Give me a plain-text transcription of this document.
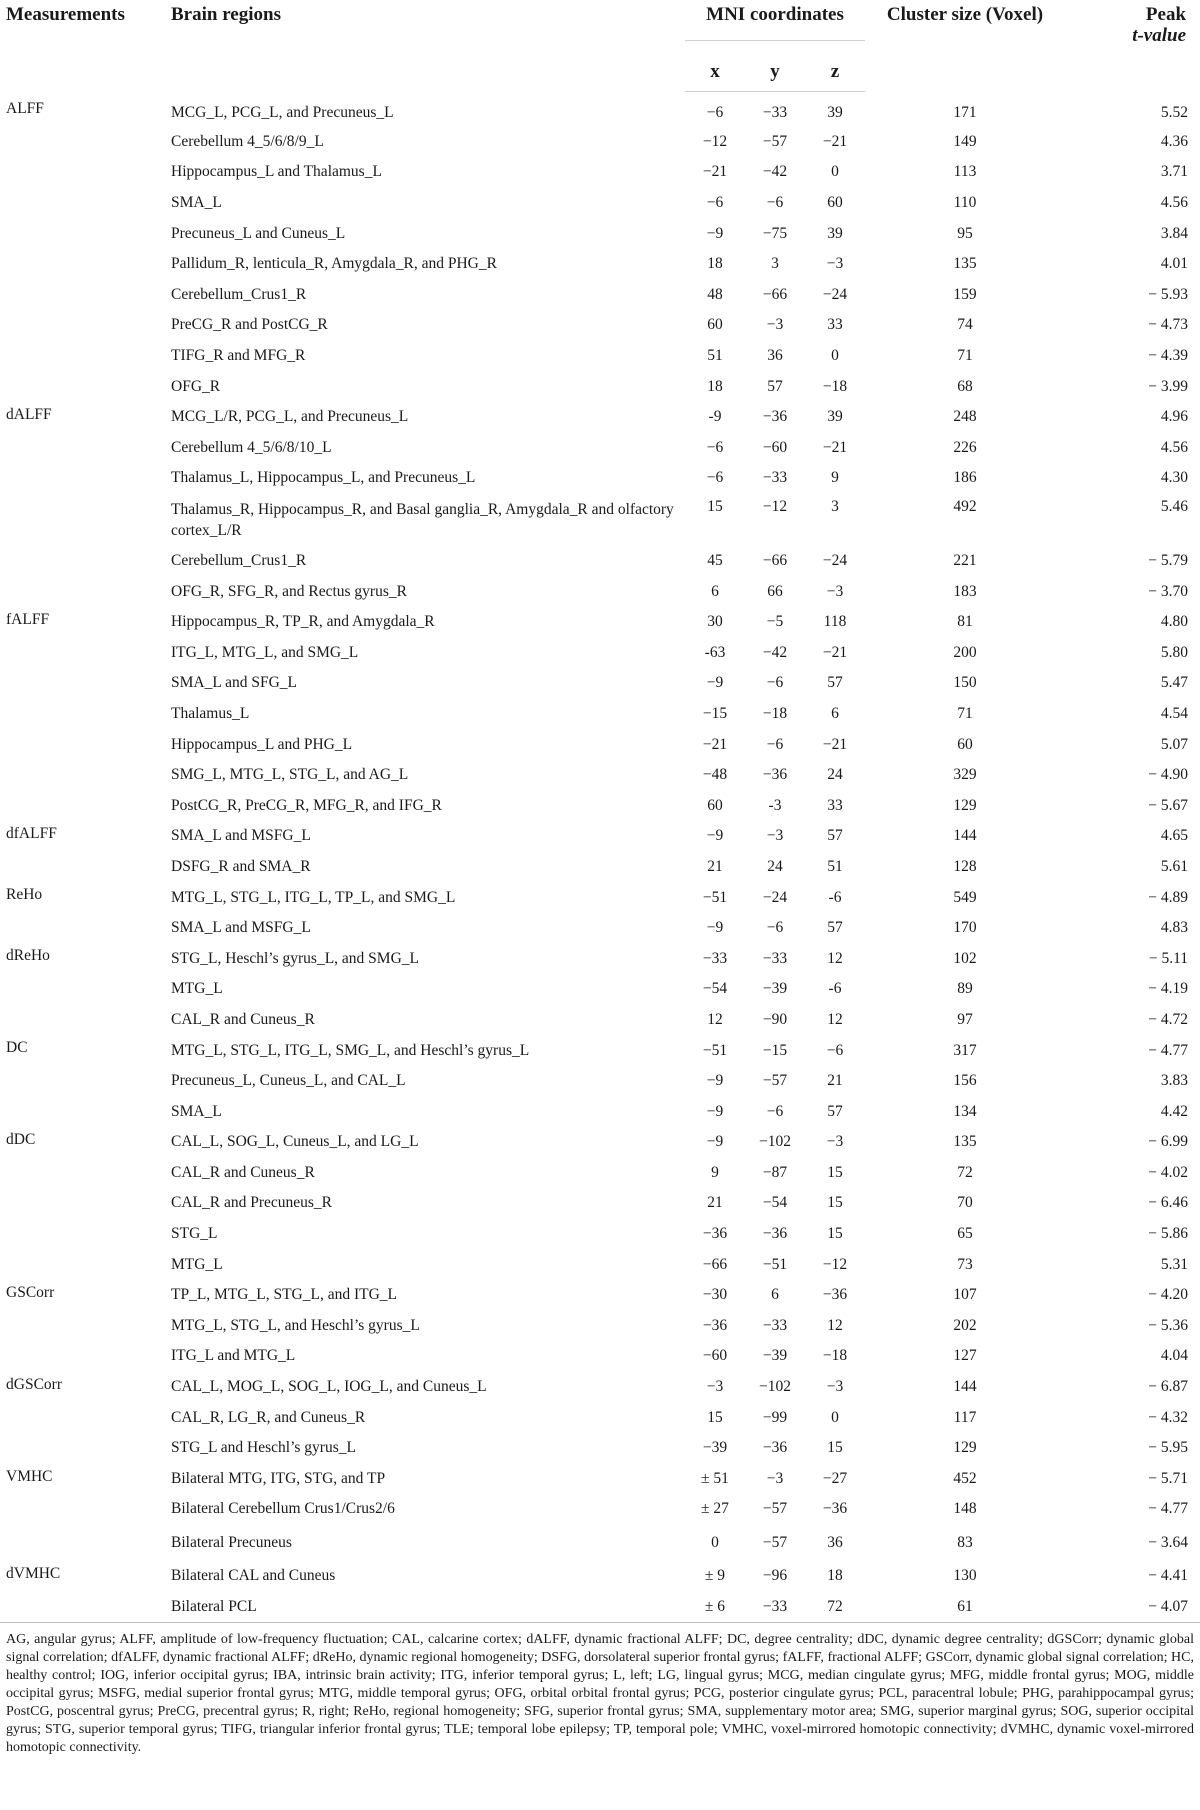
Measurements	Brain regions	MNI coordinates			Cluster size (Voxel)	Peak
t-value
		x	y	z		
ALFF	MCG_L, PCG_L, and Precuneus_L	−6	−33	39	171	5.52
	Cerebellum 4_5/6/8/9_L	−12	−57	−21	149	4.36
	Hippocampus_L and Thalamus_L	−21	−42	0	113	3.71
	SMA_L	−6	−6	60	110	4.56
	Precuneus_L and Cuneus_L	−9	−75	39	95	3.84
	Pallidum_R, lenticula_R, Amygdala_R, and PHG_R	18	3	−3	135	4.01
	Cerebellum_Crus1_R	48	−66	−24	159	− 5.93
	PreCG_R and PostCG_R	60	−3	33	74	− 4.73
	TIFG_R and MFG_R	51	36	0	71	− 4.39
	OFG_R	18	57	−18	68	− 3.99
dALFF	MCG_L/R, PCG_L, and Precuneus_L	-9	−36	39	248	4.96
	Cerebellum 4_5/6/8/10_L	−6	−60	−21	226	4.56
	Thalamus_L, Hippocampus_L, and Precuneus_L	−6	−33	9	186	4.30
	Thalamus_R, Hippocampus_R, and Basal ganglia_R, Amygdala_R and olfactory cortex_L/R	15	−12	3	492	5.46
	Cerebellum_Crus1_R	45	−66	−24	221	− 5.79
	OFG_R, SFG_R, and Rectus gyrus_R	6	66	−3	183	− 3.70
fALFF	Hippocampus_R, TP_R, and Amygdala_R	30	−5	118	81	4.80
	ITG_L, MTG_L, and SMG_L	-63	−42	−21	200	5.80
	SMA_L and SFG_L	−9	−6	57	150	5.47
	Thalamus_L	−15	−18	6	71	4.54
	Hippocampus_L and PHG_L	−21	−6	−21	60	5.07
	SMG_L, MTG_L, STG_L, and AG_L	−48	−36	24	329	− 4.90
	PostCG_R, PreCG_R, MFG_R, and IFG_R	60	-3	33	129	− 5.67
dfALFF	SMA_L and MSFG_L	−9	−3	57	144	4.65
	DSFG_R and SMA_R	21	24	51	128	5.61
ReHo	MTG_L, STG_L, ITG_L, TP_L, and SMG_L	−51	−24	-6	549	− 4.89
	SMA_L and MSFG_L	−9	−6	57	170	4.83
dReHo	STG_L, Heschl’s gyrus_L, and SMG_L	−33	−33	12	102	− 5.11
	MTG_L	−54	−39	-6	89	− 4.19
	CAL_R and Cuneus_R	12	−90	12	97	− 4.72
DC	MTG_L, STG_L, ITG_L, SMG_L, and Heschl’s gyrus_L	−51	−15	−6	317	− 4.77
	Precuneus_L, Cuneus_L, and CAL_L	−9	−57	21	156	3.83
	SMA_L	−9	−6	57	134	4.42
dDC	CAL_L, SOG_L, Cuneus_L, and LG_L	−9	−102	−3	135	− 6.99
	CAL_R and Cuneus_R	9	−87	15	72	− 4.02
	CAL_R and Precuneus_R	21	−54	15	70	− 6.46
	STG_L	−36	−36	15	65	− 5.86
	MTG_L	−66	−51	−12	73	5.31
GSCorr	TP_L, MTG_L, STG_L, and ITG_L	−30	6	−36	107	− 4.20
	MTG_L, STG_L, and Heschl’s gyrus_L	−36	−33	12	202	− 5.36
	ITG_L and MTG_L	−60	−39	−18	127	4.04
dGSCorr	CAL_L, MOG_L, SOG_L, IOG_L, and Cuneus_L	−3	−102	−3	144	− 6.87
	CAL_R, LG_R, and Cuneus_R	15	−99	0	117	− 4.32
	STG_L and Heschl’s gyrus_L	−39	−36	15	129	− 5.95
VMHC	Bilateral MTG, ITG, STG, and TP	± 51	−3	−27	452	− 5.71
	Bilateral Cerebellum Crus1/Crus2/6	± 27	−57	−36	148	− 4.77
	Bilateral Precuneus	0	−57	36	83	− 3.64
dVMHC	Bilateral CAL and Cuneus	± 9	−96	18	130	− 4.41
	Bilateral PCL	± 6	−33	72	61	− 4.07
AG, angular gyrus; ALFF, amplitude of low-frequency fluctuation; CAL, calcarine cortex; dALFF, dynamic fractional ALFF; DC, degree centrality; dDC, dynamic degree centrality; dGSCorr; dynamic global signal correlation; dfALFF, dynamic fractional ALFF; dReHo, dynamic regional homogeneity; DSFG, dorsolateral superior frontal gyrus; fALFF, fractional ALFF; GSCorr, dynamic global signal correlation; HC, healthy control; IOG, inferior occipital gyrus; IBA, intrinsic brain activity; ITG, inferior temporal gyrus; L, left; LG, lingual gyrus; MCG, median cingulate gyrus; MFG, middle frontal gyrus; MOG, middle occipital gyrus; MSFG, medial superior frontal gyrus; MTG, middle temporal gyrus; OFG, orbital orbital frontal gyrus; PCG, posterior cingulate gyrus; PCL, paracentral lobule; PHG, parahippocampal gyrus; PostCG, poscentral gyrus; PreCG, precentral gyrus; R, right; ReHo, regional homogeneity; SFG, superior frontal gyrus; SMA, supplementary motor area; SMG, superior marginal gyrus; SOG, superior occipital gyrus; STG, superior temporal gyrus; TIFG, triangular inferior frontal gyrus; TLE; temporal lobe epilepsy; TP, temporal pole; VMHC, voxel-mirrored homotopic connectivity; dVMHC, dynamic voxel-mirrored homotopic connectivity.
